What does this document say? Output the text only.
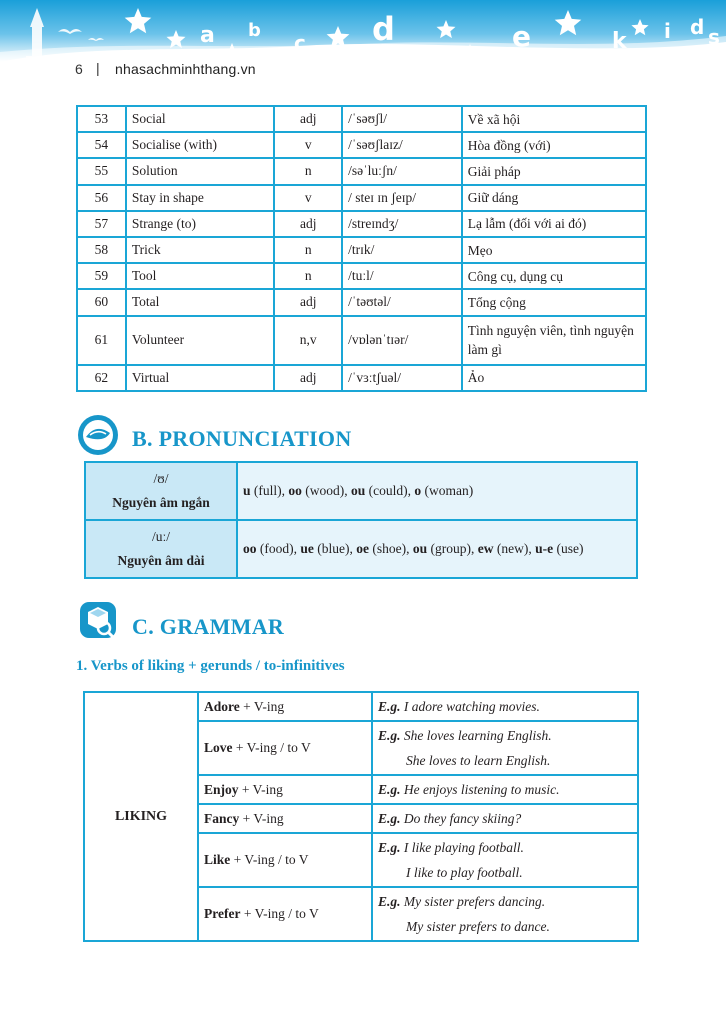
a b
c d	e	k i d s
6 | nhasachminhthang.vn
53	Social	adj	/ˈsəʊʃl/	Về xã hội
54	Socialise (with)	v	/ˈsəʊʃlaɪz/	Hòa đồng (với)
55	Solution	n	/səˈluːʃn/	Giải pháp
56	Stay in shape	v	/ steɪ ɪn ʃeɪp/	Giữ dáng
57	Strange (to)	adj	/streɪndʒ/	Lạ lẫm (đối với ai đó)
58	Trick	n	/trɪk/	Mẹo
59	Tool	n	/tuːl/	Công cụ, dụng cụ
60	Total	adj	/ˈtəʊtəl/	Tổng cộng
61	Volunteer	n,v	/vɒlənˈtɪər/	Tình nguyện viên, tình nguyện làm gì
62	Virtual	adj	/ˈvɜːtʃuəl/	Ảo
B. PRONUNCIATION
/ʊ/
Nguyên âm ngắn	u (full), oo (wood), ou (could), o (woman)

/uː/
Nguyên âm dài	oo (food), ue (blue), oe (shoe), ou (group), ew (new), u-e (use)
C. GRAMMAR
1. Verbs of liking + gerunds / to-infinitives
LIKING	Adore + V-ing	E.g. I adore watching movies.

	Love + V-ing / to V	E.g. She loves learning English.
She loves to learn English.

	Enjoy + V-ing	E.g. He enjoys listening to music.

	Fancy + V-ing	E.g. Do they fancy skiing?

	Like + V-ing / to V	E.g. I like playing football.
I like to play football.

	Prefer + V-ing / to V	E.g. My sister prefers dancing.
My sister prefers to dance.
